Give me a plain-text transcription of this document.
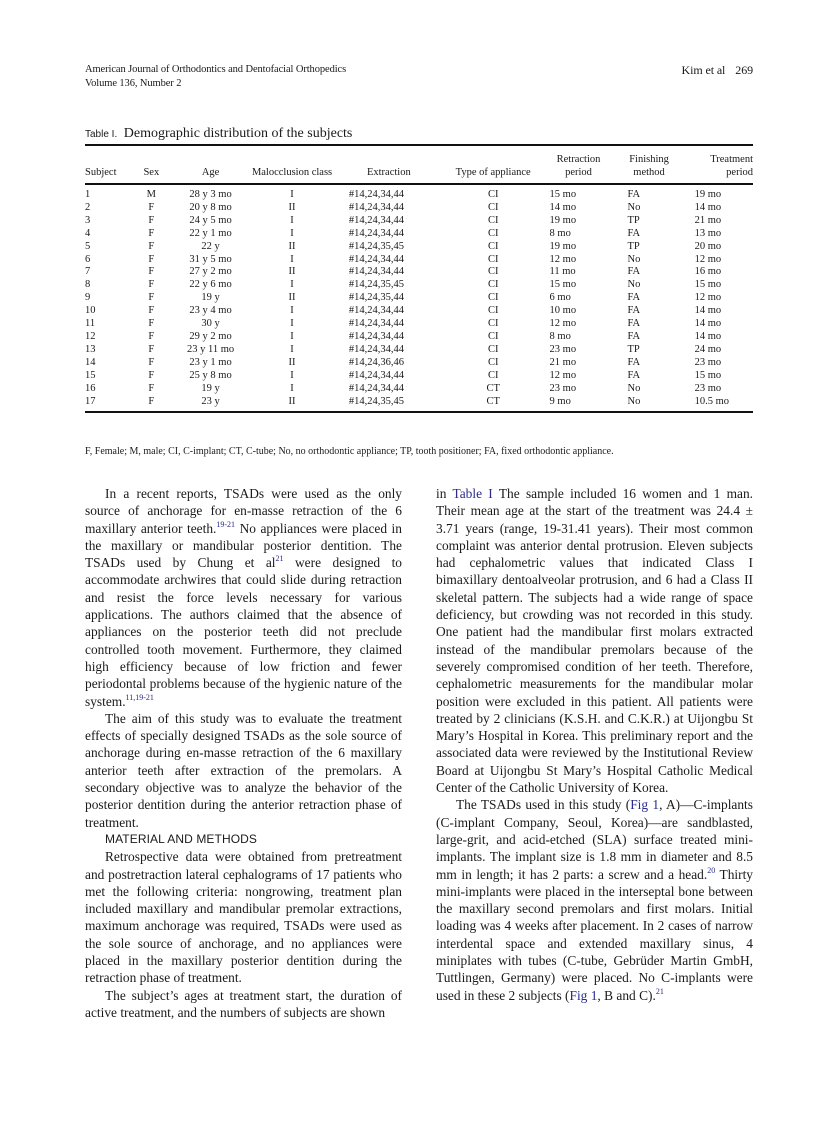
American Journal of Orthodontics and Dentofacial Orthopedics
Volume 136, Number 2
Kim et al 269
Table I. Demographic distribution of the subjects
Subject	Sex	Age	Malocclusion class	Extraction	Type of appliance	Retraction period	Finishing method	Treatment period
1	M	28 y 3 mo	I	#14,24,34,44	CI	15 mo	FA	19 mo
2	F	20 y 8 mo	II	#14,24,34,44	CI	14 mo	No	14 mo
3	F	24 y 5 mo	I	#14,24,34,44	CI	19 mo	TP	21 mo
4	F	22 y 1 mo	I	#14,24,34,44	CI	8 mo	FA	13 mo
5	F	22 y	II	#14,24,35,45	CI	19 mo	TP	20 mo
6	F	31 y 5 mo	I	#14,24,34,44	CI	12 mo	No	12 mo
7	F	27 y 2 mo	II	#14,24,34,44	CI	11 mo	FA	16 mo
8	F	22 y 6 mo	I	#14,24,35,45	CI	15 mo	No	15 mo
9	F	19 y	II	#14,24,35,44	CI	6 mo	FA	12 mo
10	F	23 y 4 mo	I	#14,24,34,44	CI	10 mo	FA	14 mo
11	F	30 y	I	#14,24,34,44	CI	12 mo	FA	14 mo
12	F	29 y 2 mo	I	#14,24,34,44	CI	8 mo	FA	14 mo
13	F	23 y 11 mo	I	#14,24,34,44	CI	23 mo	TP	24 mo
14	F	23 y 1 mo	II	#14,24,36,46	CI	21 mo	FA	23 mo
15	F	25 y 8 mo	I	#14,24,34,44	CI	12 mo	FA	15 mo
16	F	19 y	I	#14,24,34,44	CT	23 mo	No	23 mo
17	F	23 y	II	#14,24,35,45	CT	9 mo	No	10.5 mo
F, Female; M, male; CI, C-implant; CT, C-tube; No, no orthodontic appliance; TP, tooth positioner; FA, fixed orthodontic appliance.

In a recent reports, TSADs were used as the only source of anchorage for en-masse retraction of the 6 maxillary anterior teeth.$^{19-21}$ No appliances were placed in the maxillary or mandibular posterior dentition. The TSADs used by Chung et $al^{21}$ were designed to accommodate archwires that could slide during retraction and resist the force levels necessary for various applications. The authors claimed that the absence of appliances on the posterior teeth did not preclude controlled tooth movement. Furthermore, they claimed high efficiency because of low friction and fewer periodontal problems because of the hygienic nature of the system.$^{11,19-21}$

The aim of this study was to evaluate the treatment effects of specially designed TSADs as the sole source of anchorage during en-masse retraction of the 6 maxillary anterior teeth after extraction of the premolars. A secondary objective was to analyze the behavior of the posterior dentition during the anterior retraction phase of treatment.

MATERIAL AND METHODS

Retrospective data were obtained from pretreatment and postretraction lateral cephalograms of 17 patients who met the following criteria: nongrowing, treatment plan included maxillary and mandibular premolar extractions, maximum anchorage was required, TSADs were used as the sole source of anchorage, and no appliances were placed in the maxillary posterior dentition during the retraction phase of treatment.

The subject’s ages at treatment start, the duration of active treatment, and the numbers of subjects are shown

in Table I The sample included 16 women and 1 man. Their mean age at the start of the treatment was 24.4 ± 3.71 years (range, 19-31.41 years). Their most common complaint was anterior dental protrusion. Eleven subjects had cephalometric values that indicated Class I bimaxillary dentoalveolar protrusion, and 6 had a Class II skeletal pattern. The subjects had a wide range of space deficiency, but crowding was not recorded in this study. One patient had the mandibular first molars extracted instead of the mandibular premolars because of the severely compromised condition of her teeth. Therefore, cephalometric measurements for the mandibular molar position were excluded in this patient. All patients were treated by 2 clinicians (K.S.H. and C.K.R.) at Uijongbu St Mary’s Hospital in Korea. This preliminary report and the associated data were reviewed by the Institutional Review Board at Uijongbu St Mary’s Hospital Catholic Medical Center of the Catholic University of Korea.

The TSADs used in this study (Fig 1, A)—C-implants (C-implant Company, Seoul, Korea)—are sandblasted, large-grit, and acid-etched (SLA) surface treated mini-implants. The implant size is 1.8 mm in diameter and 8.5 mm in length; it has 2 parts: a screw and a head.$^{20}$ Thirty mini-implants were placed in the interseptal bone between the maxillary second premolars and first molars. Initial loading was 4 weeks after placement. In 2 cases of narrow interdental space and extended maxillary sinus, 4 miniplates with tubes (C-tube, Gebrüder Martin GmbH, Tuttlingen, Germany) were placed. No C-implants were used in these 2 subjects (Fig 1, B and C).$^{21}$
